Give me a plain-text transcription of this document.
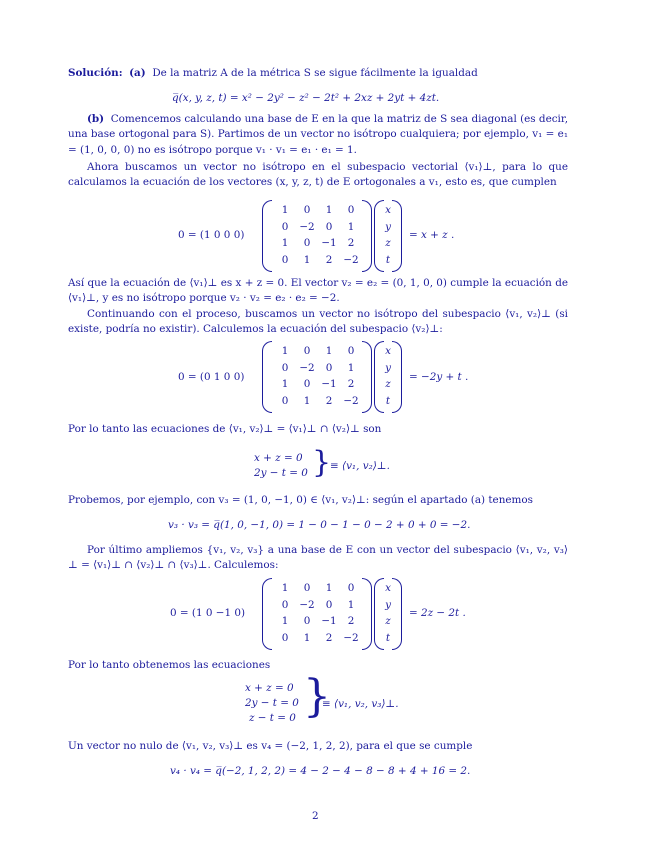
Solución: (a) De la matriz A de la métrica S se sigue fácilmente la igualdad
q̅(x, y, z, t) = x² − 2y² − z² − 2t² + 2xz + 2yt + 4zt.
(b) Comencemos calculando una base de E en la que la matriz de S sea diagonal (es decir, una base ortogonal para S). Partimos de un vector no isótropo cualquiera; por ejemplo, v₁ = e₁ = (1, 0, 0, 0) no es isótropo porque v₁ · v₁ = e₁ · e₁ = 1.
Ahora buscamos un vector no isótropo en el subespacio vectorial ⟨v₁⟩⊥, para lo que calculamos la ecuación de los vectores (x, y, z, t) de E ortogonales a v₁, esto es, que cumplen
0 = (1 0 0 0)
1	0	1	0
0	−2	0	1
1	0	−1	2
0	1	2	−2
x
y
z
t
= x + z .
Así que la ecuación de ⟨v₁⟩⊥ es x + z = 0. El vector v₂ = e₂ = (0, 1, 0, 0) cumple la ecuación de ⟨v₁⟩⊥, y es no isótropo porque v₂ · v₂ = e₂ · e₂ = −2.
Continuando con el proceso, buscamos un vector no isótropo del subespacio ⟨v₁, v₂⟩⊥ (si existe, podría no existir). Calculemos la ecuación del subespacio ⟨v₂⟩⊥:
0 = (0 1 0 0)
1	0	1	0
0	−2	0	1
1	0	−1	2
0	1	2	−2
x
y
z
t
= −2y + t .
Por lo tanto las ecuaciones de ⟨v₁, v₂⟩⊥ = ⟨v₁⟩⊥ ∩ ⟨v₂⟩⊥ son
x + z = 0
2y − t = 0 }
≡ ⟨v₁, v₂⟩⊥.
Probemos, por ejemplo, con v₃ = (1, 0, −1, 0) ∈ ⟨v₁, v₂⟩⊥: según el apartado (a) tenemos
v₃ · v₃ = q̅(1, 0, −1, 0) = 1 − 0 − 1 − 0 − 2 + 0 + 0 = −2.
Por último ampliemos {v₁, v₂, v₃} a una base de E con un vector del subespacio ⟨v₁, v₂, v₃⟩⊥ = ⟨v₁⟩⊥ ∩ ⟨v₂⟩⊥ ∩ ⟨v₃⟩⊥. Calculemos:
0 = (1 0 −1 0)
1	0	1	0
0	−2	0	1
1	0	−1	2
0	1	2	−2
x
y
z
t
= 2z − 2t .
Por lo tanto obtenemos las ecuaciones
x + z = 0
2y − t = 0
z − t = 0 }
≡ ⟨v₁, v₂, v₃⟩⊥.
Un vector no nulo de ⟨v₁, v₂, v₃⟩⊥ es v₄ = (−2, 1, 2, 2), para el que se cumple
v₄ · v₄ = q̅(−2, 1, 2, 2) = 4 − 2 − 4 − 8 − 8 + 4 + 16 = 2.
2
